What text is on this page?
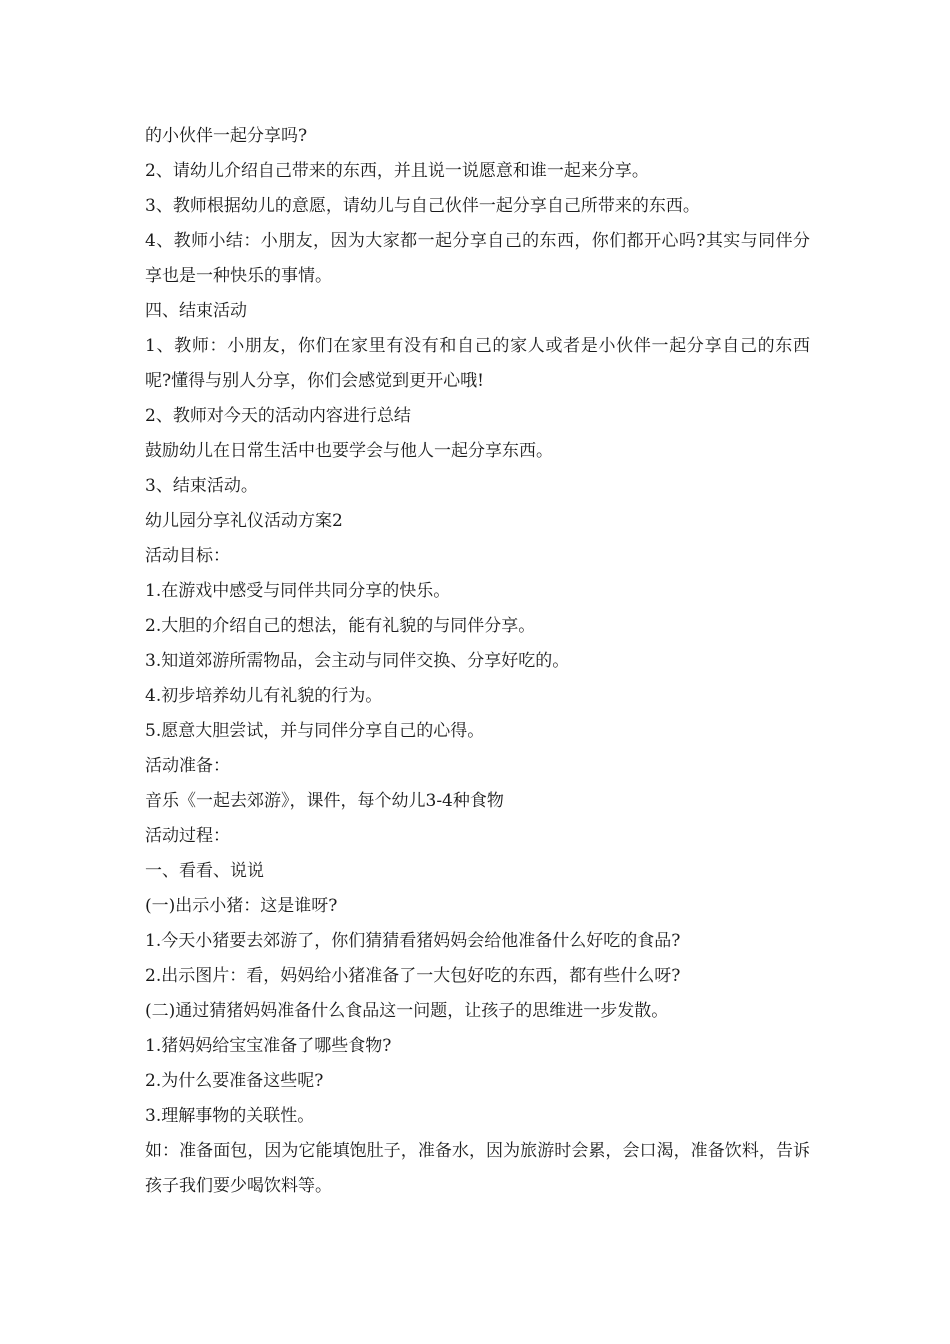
的小伙伴一起分享吗?
2、请幼儿介绍自己带来的东西，并且说一说愿意和谁一起来分享。
3、教师根据幼儿的意愿，请幼儿与自己伙伴一起分享自己所带来的东西。
4、教师小结：小朋友，因为大家都一起分享自己的东西，你们都开心吗?其实与同伴分享也是一种快乐的事情。
四、结束活动
1、教师：小朋友，你们在家里有没有和自己的家人或者是小伙伴一起分享自己的东西呢?懂得与别人分享，你们会感觉到更开心哦!
2、教师对今天的活动内容进行总结
鼓励幼儿在日常生活中也要学会与他人一起分享东西。
3、结束活动。
幼儿园分享礼仪活动方案2
活动目标：
1.在游戏中感受与同伴共同分享的快乐。
2.大胆的介绍自己的想法，能有礼貌的与同伴分享。
3.知道郊游所需物品，会主动与同伴交换、分享好吃的。
4.初步培养幼儿有礼貌的行为。
5.愿意大胆尝试，并与同伴分享自己的心得。
活动准备：
音乐《一起去郊游》，课件，每个幼儿3-4种食物
活动过程：
一、看看、说说
(一)出示小猪：这是谁呀?
1.今天小猪要去郊游了，你们猜猜看猪妈妈会给他准备什么好吃的食品?
2.出示图片：看，妈妈给小猪准备了一大包好吃的东西，都有些什么呀?
(二)通过猜猪妈妈准备什么食品这一问题，让孩子的思维进一步发散。
1.猪妈妈给宝宝准备了哪些食物?
2.为什么要准备这些呢?
3.理解事物的关联性。
如：准备面包，因为它能填饱肚子，准备水，因为旅游时会累，会口渴，准备饮料，告诉孩子我们要少喝饮料等。
